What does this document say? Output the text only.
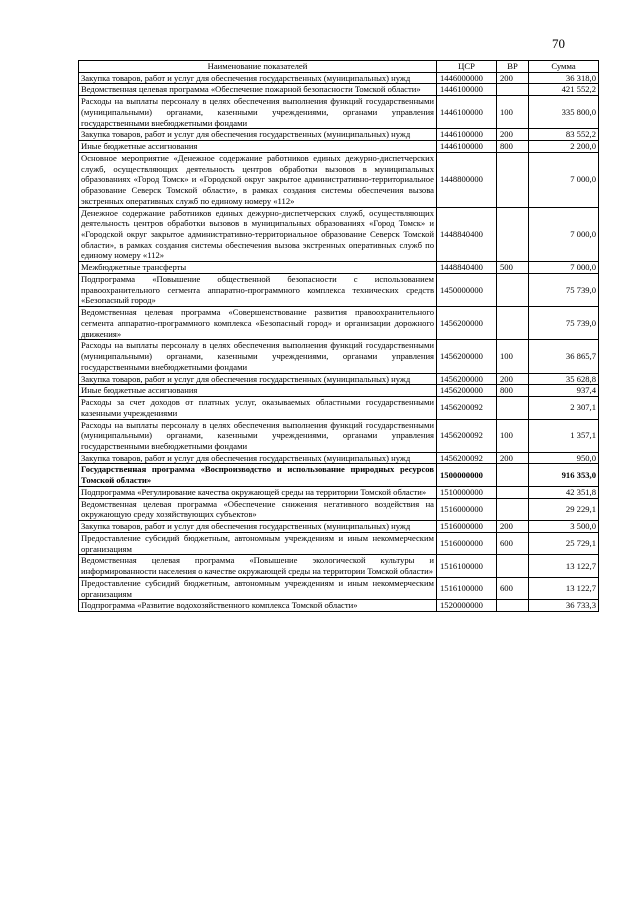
70
Наименование показателей	ЦСР	ВР	Сумма
Закупка товаров, работ и услуг для обеспечения государственных (муниципальных) нужд	1446000000	200	36 318,0
Ведомственная целевая программа «Обеспечение пожарной безопасности Томской области»	1446100000		421 552,2
Расходы на выплаты персоналу в целях обеспечения выполнения функций государственными (муниципальными) органами, казенными учреждениями, органами управления государственными внебюджетными фондами	1446100000	100	335 800,0
Закупка товаров, работ и услуг для обеспечения государственных (муниципальных) нужд	1446100000	200	83 552,2
Иные бюджетные ассигнования	1446100000	800	2 200,0
Основное мероприятие «Денежное содержание работников единых дежурно-диспетчерских служб, осуществляющих деятельность центров обработки вызовов в муниципальных образованиях «Город Томск» и «Городской округ закрытое административно-территориальное образование Северск Томской области», в рамках создания системы обеспечения вызова экстренных оперативных служб по единому номеру «112»	1448800000		7 000,0
Денежное содержание работников единых дежурно-диспетчерских служб, осуществляющих деятельность центров обработки вызовов в муниципальных образованиях «Город Томск» и «Городской округ закрытое административно-территориальное образование Северск Томской области», в рамках создания системы обеспечения вызова экстренных оперативных служб по единому номеру «112»	1448840400		7 000,0
Межбюджетные трансферты	1448840400	500	7 000,0
Подпрограмма «Повышение общественной безопасности с использованием правоохранительного сегмента аппаратно-программного комплекса технических средств «Безопасный город»	1450000000		75 739,0
Ведомственная целевая программа «Совершенствование развития правоохранительного сегмента аппаратно-программного комплекса «Безопасный город» и организации дорожного движения»	1456200000		75 739,0
Расходы на выплаты персоналу в целях обеспечения выполнения функций государственными (муниципальными) органами, казенными учреждениями, органами управления государственными внебюджетными фондами	1456200000	100	36 865,7
Закупка товаров, работ и услуг для обеспечения государственных (муниципальных) нужд	1456200000	200	35 628,8
Иные бюджетные ассигнования	1456200000	800	937,4
Расходы за счет доходов от платных услуг, оказываемых областными государственными казенными учреждениями	1456200092		2 307,1
Расходы на выплаты персоналу в целях обеспечения выполнения функций государственными (муниципальными) органами, казенными учреждениями, органами управления государственными внебюджетными фондами	1456200092	100	1 357,1
Закупка товаров, работ и услуг для обеспечения государственных (муниципальных) нужд	1456200092	200	950,0
Государственная программа «Воспроизводство и использование природных ресурсов Томской области»	1500000000		916 353,0
Подпрограмма «Регулирование качества окружающей среды на территории Томской области»	1510000000		42 351,8
Ведомственная целевая программа «Обеспечение снижения негативного воздействия на окружающую среду хозяйствующих субъектов»	1516000000		29 229,1
Закупка товаров, работ и услуг для обеспечения государственных (муниципальных) нужд	1516000000	200	3 500,0
Предоставление субсидий бюджетным, автономным учреждениям и иным некоммерческим организациям	1516000000	600	25 729,1
Ведомственная целевая программа «Повышение экологической культуры и информированности населения о качестве окружающей среды на территории Томской области»	1516100000		13 122,7
Предоставление субсидий бюджетным, автономным учреждениям и иным некоммерческим организациям	1516100000	600	13 122,7
Подпрограмма «Развитие водохозяйственного комплекса Томской области»	1520000000		36 733,3
